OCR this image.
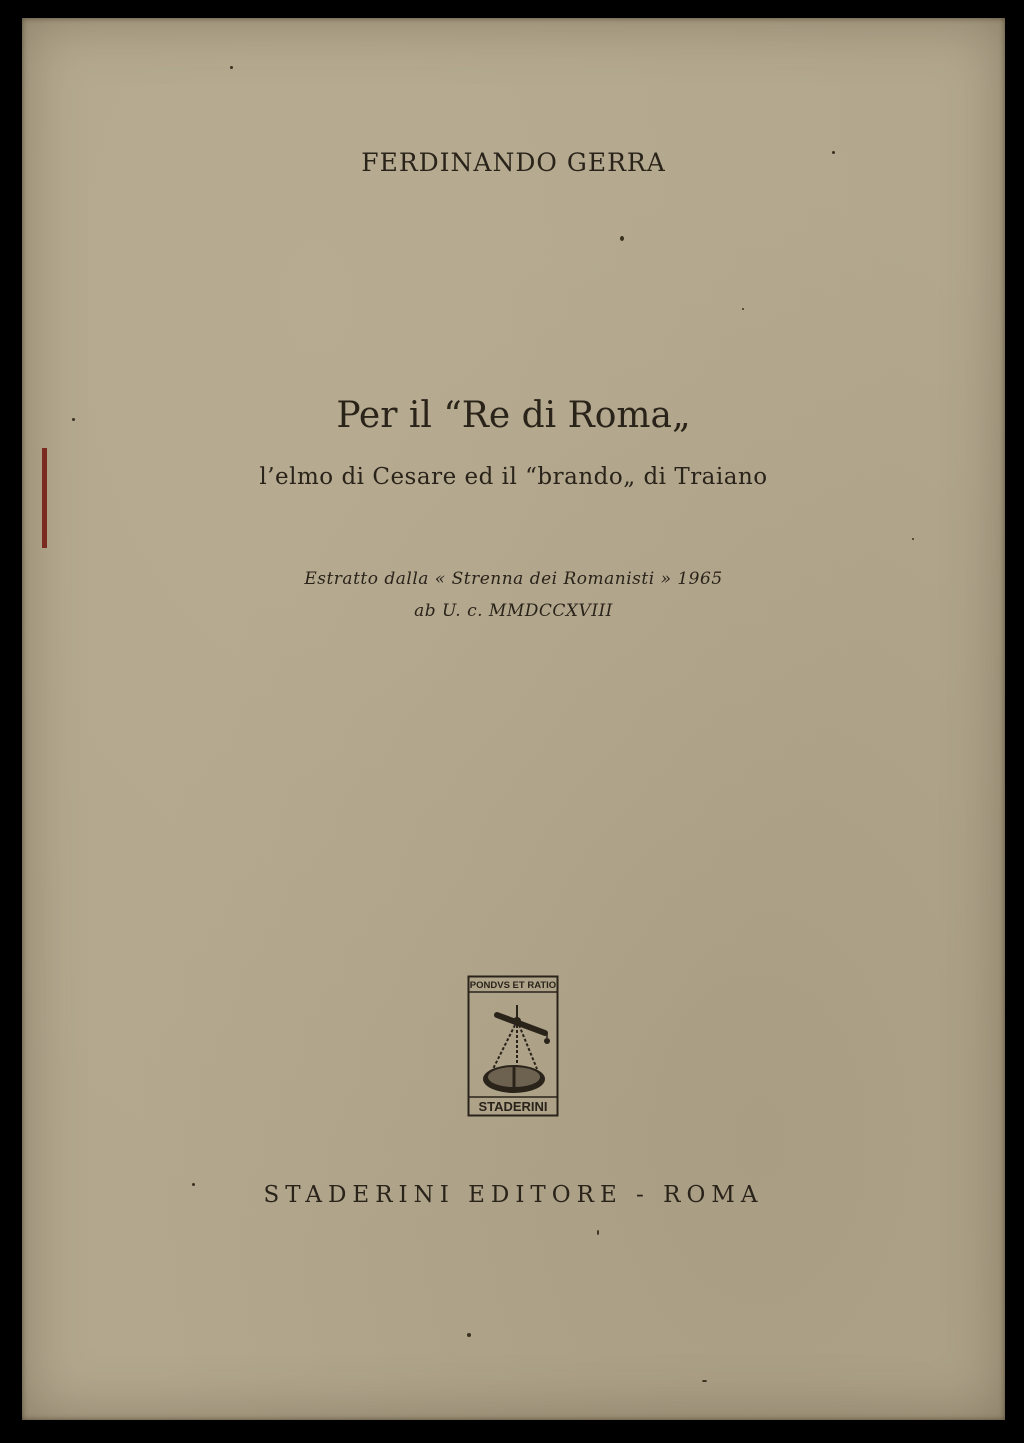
FERDINANDO GERRA
Per il “Re di Roma„
l’elmo di Cesare ed il “brando„ di Traiano
Estratto dalla « Strenna dei Romanisti » 1965
ab U. c. MMDCCXVIII
PONDVS ET RATIO
STADERINI
STADERINI EDITORE - ROMA
